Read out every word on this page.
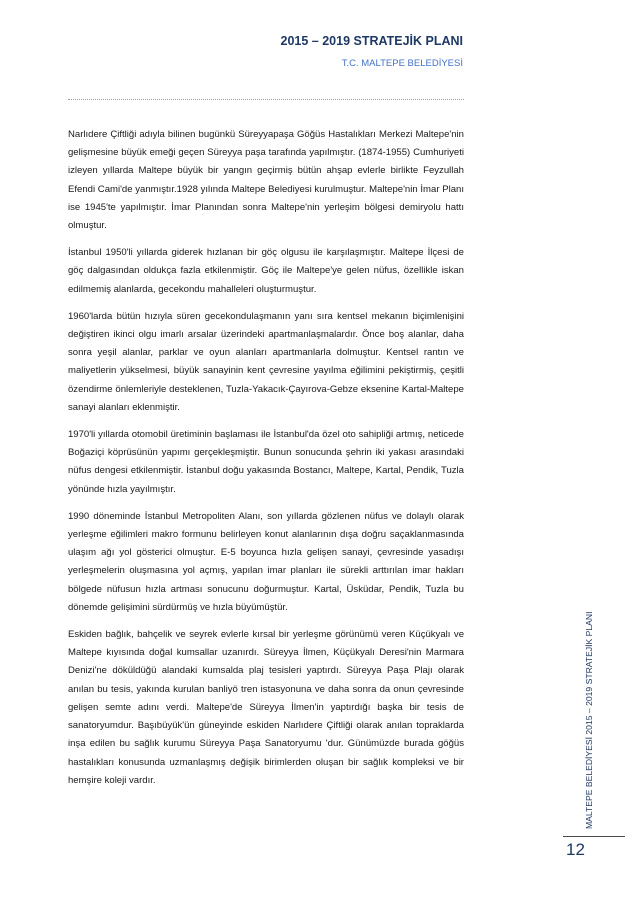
2015 – 2019 STRATEJİK PLANI
T.C. MALTEPE BELEDİYESİ

Narlıdere Çiftliği adıyla bilinen bugünkü Süreyyapaşa Göğüs Hastalıkları Merkezi Maltepe'nin gelişmesine büyük emeği geçen Süreyya paşa tarafında yapılmıştır. (1874-1955) Cumhuriyeti izleyen yıllarda Maltepe büyük bir yangın geçirmiş bütün ahşap evlerle birlikte Feyzullah Efendi Cami'de yanmıştır.1928 yılında Maltepe Belediyesi kurulmuştur. Maltepe'nin İmar Planı ise 1945'te yapılmıştır. İmar Planından sonra Maltepe'nin yerleşim bölgesi demiryolu hattı olmuştur.

İstanbul 1950'li yıllarda giderek hızlanan bir göç olgusu ile karşılaşmıştır. Maltepe İlçesi de göç dalgasından oldukça fazla etkilenmiştir. Göç ile Maltepe'ye gelen nüfus, özellikle iskan edilmemiş alanlarda, gecekondu mahalleleri oluşturmuştur.

1960'larda bütün hızıyla süren gecekondulaşmanın yanı sıra kentsel mekanın biçimlenişini değiştiren ikinci olgu imarlı arsalar üzerindeki apartmanlaşmalardır. Önce boş alanlar, daha sonra yeşil alanlar, parklar ve oyun alanları apartmanlarla dolmuştur. Kentsel rantın ve maliyetlerin yükselmesi, büyük sanayinin kent çevresine yayılma eğilimini pekiştirmiş, çeşitli özendirme önlemleriyle desteklenen, Tuzla-Yakacık-Çayırova-Gebze eksenine Kartal-Maltepe sanayi alanları eklenmiştir.

1970'li yıllarda otomobil üretiminin başlaması ile İstanbul'da özel oto sahipliği artmış, neticede Boğaziçi köprüsünün yapımı gerçekleşmiştir. Bunun sonucunda şehrin iki yakası arasındaki nüfus dengesi etkilenmiştir. İstanbul doğu yakasında Bostancı, Maltepe, Kartal, Pendik, Tuzla yönünde hızla yayılmıştır.

1990 döneminde İstanbul Metropoliten Alanı, son yıllarda gözlenen nüfus ve dolaylı olarak yerleşme eğilimleri makro formunu belirleyen konut alanlarının dışa doğru saçaklanmasında ulaşım ağı yol gösterici olmuştur. E-5 boyunca hızla gelişen sanayi, çevresinde yasadışı yerleşmelerin oluşmasına yol açmış, yapılan imar planları ile sürekli arttırılan imar hakları bölgede nüfusun hızla artması sonucunu doğurmuştur. Kartal, Üsküdar, Pendik, Tuzla bu dönemde gelişimini sürdürmüş ve hızla büyümüştür.

Eskiden bağlık, bahçelik ve seyrek evlerle kırsal bir yerleşme görünümü veren Küçükyalı ve Maltepe kıyısında doğal kumsallar uzanırdı. Süreyya İlmen, Küçükyalı Deresi'nin Marmara Denizi'ne döküldüğü alandaki kumsalda plaj tesisleri yaptırdı. Süreyya Paşa Plajı olarak anılan bu tesis, yakında kurulan banliyö tren istasyonuna ve daha sonra da onun çevresinde gelişen semte adını verdi. Maltepe'de Süreyya İlmen'in yaptırdığı başka bir tesis de sanatoryumdur. Başıbüyük'ün güneyinde eskiden Narlıdere Çiftliği olarak anılan topraklarda inşa edilen bu sağlık kurumu Süreyya Paşa Sanatoryumu 'dur. Günümüzde burada göğüs hastalıkları konusunda uzmanlaşmış değişik birimlerden oluşan bir sağlık kompleksi ve bir hemşire koleji vardır.	MALTEPE BELEDİYESİ 2015 – 2019 STRATEJİK PLANI
12
